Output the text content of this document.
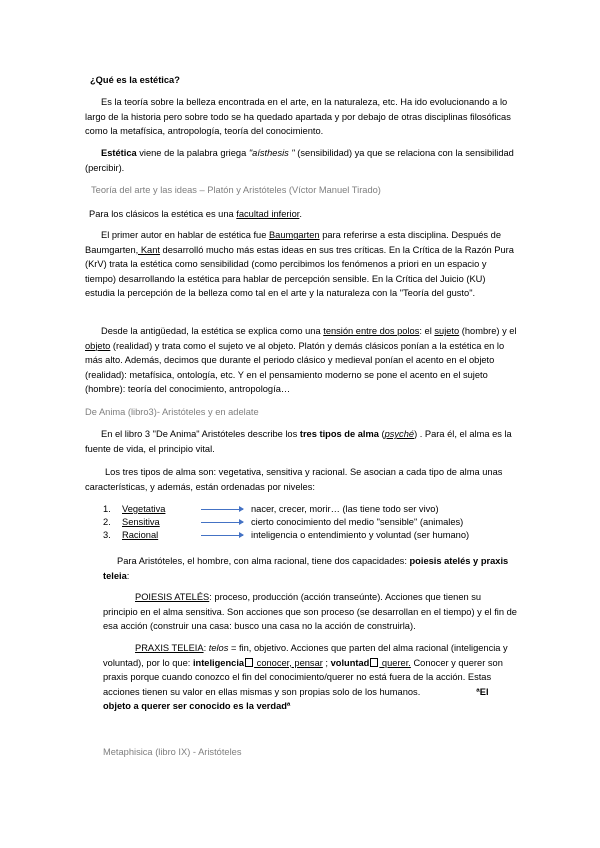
¿Qué es la estética?

Es la teoría sobre la belleza encontrada en el arte, en la naturaleza, etc. Ha ido evolucionando a lo largo de la historia pero sobre todo se ha quedado apartada y por debajo de otras disciplinas filosóficas como la metafísica, antropología, teoría del conocimiento.

Estética viene de la palabra griega "aísthesis " (sensibilidad) ya que se relaciona con la sensibilidad (percibir).

Teoría del arte y las ideas – Platón y Aristóteles (Víctor Manuel Tirado)

Para los clásicos la estética es una facultad inferior.

El primer autor en hablar de estética fue Baumgarten para referirse a esta disciplina. Después de Baumgarten, Kant desarrolló mucho más estas ideas en sus tres críticas. En la Crítica de la Razón Pura (KrV) trata la estética como sensibilidad (como percibimos los fenómenos a priori en un espacio y tiempo) desarrollando la estética para hablar de percepción sensible. En la Crítica del Juicio (KU) estudia la percepción de la belleza como tal en el arte y la naturaleza con la "Teoría del gusto".

Desde la antigüedad, la estética se explica como una tensión entre dos polos: el sujeto (hombre) y el objeto (realidad) y trata como el sujeto ve al objeto. Platón y demás clásicos ponían a la estética en lo más alto. Además, decimos que durante el periodo clásico y medieval ponían el acento en el objeto (realidad): metafísica, ontología, etc. Y en el pensamiento moderno se pone el acento en el sujeto (hombre): teoría del conocimiento, antropología…

De Anima (libro3)- Aristóteles y en adelate

En el libro 3 "De Anima" Aristóteles describe los tres tipos de alma (psyché) . Para él, el alma es la fuente de vida, el principio vital.

Los tres tipos de alma son: vegetativa, sensitiva y racional. Se asocian a cada tipo de alma unas características, y además, están ordenadas por niveles:

1. Vegetativa	nacer, crecer, morir… (las tiene todo ser vivo)
2. Sensitiva	cierto conocimiento del medio "sensible" (animales)
3. Racional	inteligencia o entendimiento y voluntad (ser humano)

Para Aristóteles, el hombre, con alma racional, tiene dos capacidades: poiesis atelés y praxis teleia:

POIESIS ATELÉS: proceso, producción (acción transeúnte). Acciones que tienen su principio en el alma sensitiva. Son acciones que son proceso (se desarrollan en el tiempo) y el fin de esa acción (construir una casa: busco una casa no la acción de construirla).

PRAXIS TELEIA: telos = fin, objetivo. Acciones que parten del alma racional (inteligencia y voluntad), por lo que: inteligencia conocer, pensar ; voluntad querer. Conocer y querer son praxis porque cuando conozco el fin del conocimiento/querer no está fuera de la acción. Estas acciones tienen su valor en ellas mismas y son propias solo de los humanos.	ªEl objeto a querer ser conocido es la verdadª

Metaphisica (libro IX) - Aristóteles
